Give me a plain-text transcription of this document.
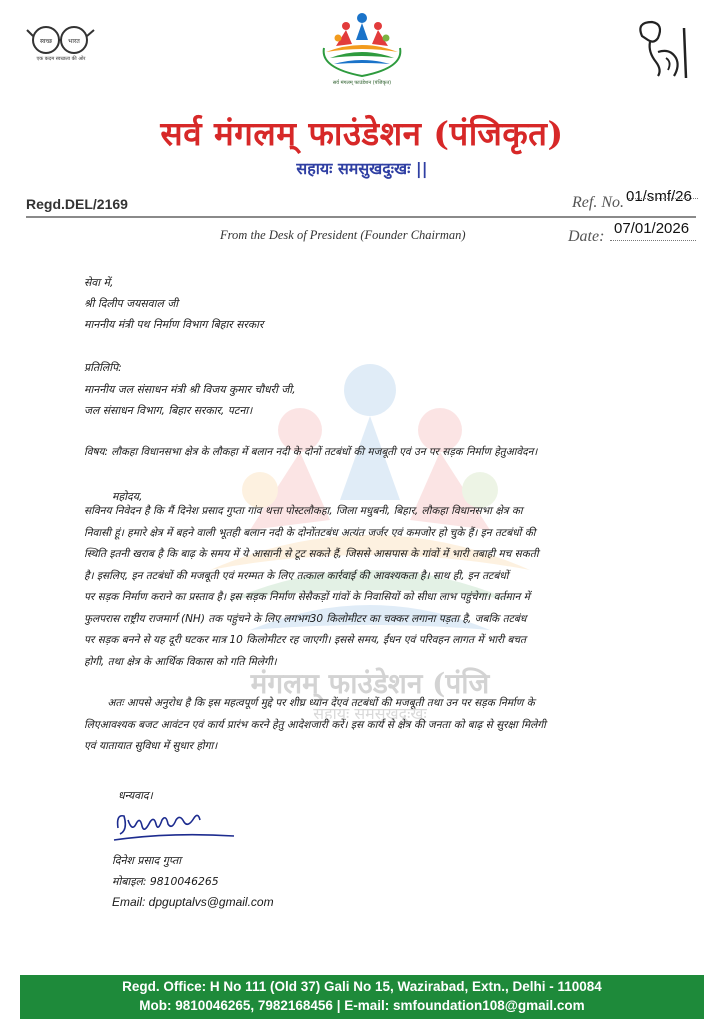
स्वच्छ	भारत
एक कदम स्वच्छता की ओर
सर्व मंगलम् फाउंडेशन (पंजिकृत)
सर्व मंगलम् फाउंडेशन (पंजिकृत)
सहायः समसुखदुःखः ||
Regd.DEL/2169	Ref. No. 01/smf/26
From the Desk of President (Founder Chairman)	Date: 07/01/2026
मंगलम् फाउंडेशन (पंजि
सहायः समसुखदुःखः
सेवा में,
श्री दिलीप जयसवाल जी
माननीय मंत्री पथ निर्माण विभाग बिहार सरकार
प्रतिलिपि:
माननीय जल संसाधन मंत्री श्री विजय कुमार चौधरी जी,
जल संसाधन विभाग, बिहार सरकार, पटना।
विषय: लौकहा विधानसभा क्षेत्र के लौकहा में बलान नदी के दोनों तटबंधों की मजबूती एवं उन पर सड़क निर्माण हेतुआवेदन।
महोदय,
सविनय निवेदन है कि मैं दिनेश प्रसाद गुप्ता गांव थत्ता पोस्टलौकहा, जिला मधुबनी, बिहार, लौकहा विधानसभा क्षेत्र का
निवासी हूं। हमारे क्षेत्र में बहने वाली भूतही बलान नदी के दोनोंतटबंध अत्यंत जर्जर एवं कमजोर हो चुके हैं। इन तटबंधों की
स्थिति इतनी खराब है कि बाढ़ के समय में ये आसानी से टूट सकते हैं, जिससे आसपास के गांवों में भारी तबाही मच सकती
है। इसलिए, इन तटबंधों की मजबूती एवं मरम्मत के लिए तत्काल कार्रवाई की आवश्यकता है। साथ ही, इन तटबंधों
पर सड़क निर्माण कराने का प्रस्ताव है। इस सड़क निर्माण सेसैकड़ों गांवों के निवासियों को सीधा लाभ पहुंचेगा। वर्तमान में
फुलपरास राष्ट्रीय राजमार्ग (NH) तक पहुंचने के लिए लगभग30 किलोमीटर का चक्कर लगाना पड़ता है, जबकि तटबंध
पर सड़क बनने से यह दूरी घटकर मात्र 10 किलोमीटर रह जाएगी। इससे समय, ईंधन एवं परिवहन लागत में भारी बचत
होगी, तथा क्षेत्र के आर्थिक विकास को गति मिलेगी।
अतः आपसे अनुरोध है कि इस महत्वपूर्ण मुद्दे पर शीघ्र ध्यान देंएवं तटबंधों की मजबूती तथा उन पर सड़क निर्माण के
लिएआवश्यक बजट आवंटन एवं कार्य प्रारंभ करने हेतु आदेशजारी करें। इस कार्य से क्षेत्र की जनता को बाढ़ से सुरक्षा मिलेगी
एवं यातायात सुविधा में सुधार होगा।
धन्यवाद।
दिनेश प्रसाद गुप्ता
मोबाइल: 9810046265
Email: dpguptalvs@gmail.com
Regd. Office: H No 111 (Old 37) Gali No 15, Wazirabad, Extn., Delhi - 110084
Mob: 9810046265, 7982168456 | E-mail: smfoundation108@gmail.com
